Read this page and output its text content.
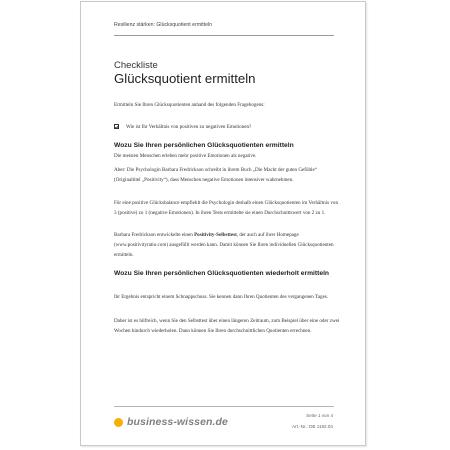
Resilienz stärken: Glücksquotient ermitteln
Checkliste
Glücksquotient ermitteln

Ermitteln Sie Ihren Glücksquotienten anhand des folgenden Fragebogens:

Wie ist Ihr Verhältnis von positiven zu negativen Emotionen?
Wozu Sie Ihren persönlichen Glücksquotienten ermitteln

Die meisten Menschen erleben mehr positive Emotionen als negative.

Aber: Die Psychologin Barbara Fredrickson schreibt in ihrem Buch „Die Macht der guten Gefühle“ (Originaltitel „Positivity“), dass Menschen negative Emotionen intensiver wahrnehmen.

Für eine positive Glücksbalance empfiehlt die Psychologin deshalb einen Glücksquotienten im Verhältnis von 3 (positive) zu 1 (negative Emotionen). In ihren Tests ermittelte sie einen Durchschnittswert von 2 zu 1.

Barbara Fredrickson entwickelte einen Positivity-Selbsttest, der auch auf ihrer Homepage (www.positivityratio.com) ausgefüllt werden kann. Damit können Sie Ihren individuellen Glücksquotienten ermitteln.

Wozu Sie Ihren persönlichen Glücksquotienten wiederholt ermitteln

Ihr Ergebnis entspricht einem Schnappschuss. Sie kennen dann Ihren Quotienten des vergangenen Tages.

Daher ist es hilfreich, wenn Sie den Selbsttest über einen längeren Zeitraum, zum Beispiel über eine oder zwei Wochen hindurch wiederholen. Dann können Sie Ihren durchschnittlichen Quotienten errechnen.

business-wissen.de
Seite 1 von 4
Art.-Nr.: DB 1182.04
